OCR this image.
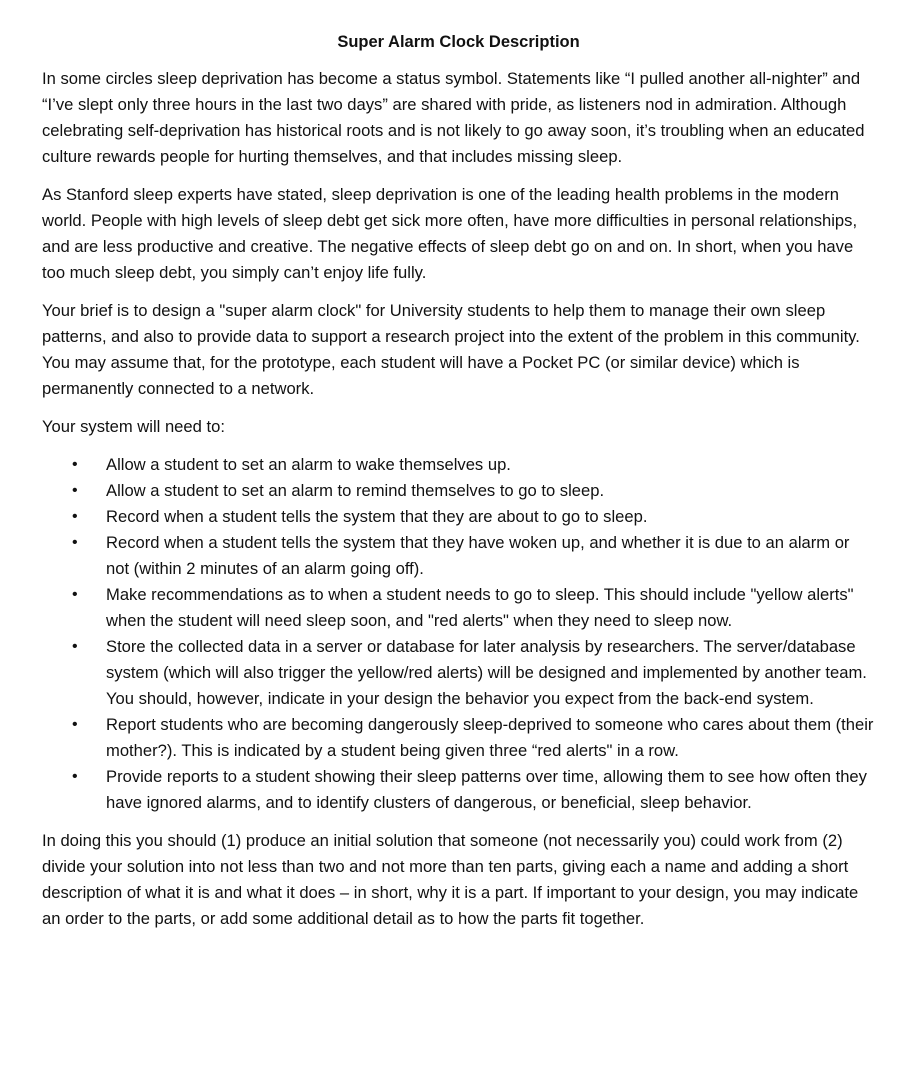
Super Alarm Clock Description

In some circles sleep deprivation has become a status symbol. Statements like “I pulled another all-nighter” and “I’ve slept only three hours in the last two days” are shared with pride, as listeners nod in admiration. Although celebrating self-deprivation has historical roots and is not likely to go away soon, it’s troubling when an educated culture rewards people for hurting themselves, and that includes missing sleep.

As Stanford sleep experts have stated, sleep deprivation is one of the leading health problems in the modern world. People with high levels of sleep debt get sick more often, have more difficulties in personal relationships, and are less productive and creative. The negative effects of sleep debt go on and on. In short, when you have too much sleep debt, you simply can’t enjoy life fully.

Your brief is to design a "super alarm clock" for University students to help them to manage their own sleep patterns, and also to provide data to support a research project into the extent of the problem in this community. You may assume that, for the prototype, each student will have a Pocket PC (or similar device) which is permanently connected to a network.

Your system will need to:

• Allow a student to set an alarm to wake themselves up.
• Allow a student to set an alarm to remind themselves to go to sleep.
• Record when a student tells the system that they are about to go to sleep.
• Record when a student tells the system that they have woken up, and whether it is due to an alarm or not (within 2 minutes of an alarm going off).
• Make recommendations as to when a student needs to go to sleep. This should include "yellow alerts" when the student will need sleep soon, and "red alerts" when they need to sleep now.
• Store the collected data in a server or database for later analysis by researchers. The server/database system (which will also trigger the yellow/red alerts) will be designed and implemented by another team. You should, however, indicate in your design the behavior you expect from the back-end system.
• Report students who are becoming dangerously sleep-deprived to someone who cares about them (their mother?). This is indicated by a student being given three “red alerts" in a row.
• Provide reports to a student showing their sleep patterns over time, allowing them to see how often they have ignored alarms, and to identify clusters of dangerous, or beneficial, sleep behavior.

In doing this you should (1) produce an initial solution that someone (not necessarily you) could work from (2) divide your solution into not less than two and not more than ten parts, giving each a name and adding a short description of what it is and what it does – in short, why it is a part. If important to your design, you may indicate an order to the parts, or add some additional detail as to how the parts fit together.
